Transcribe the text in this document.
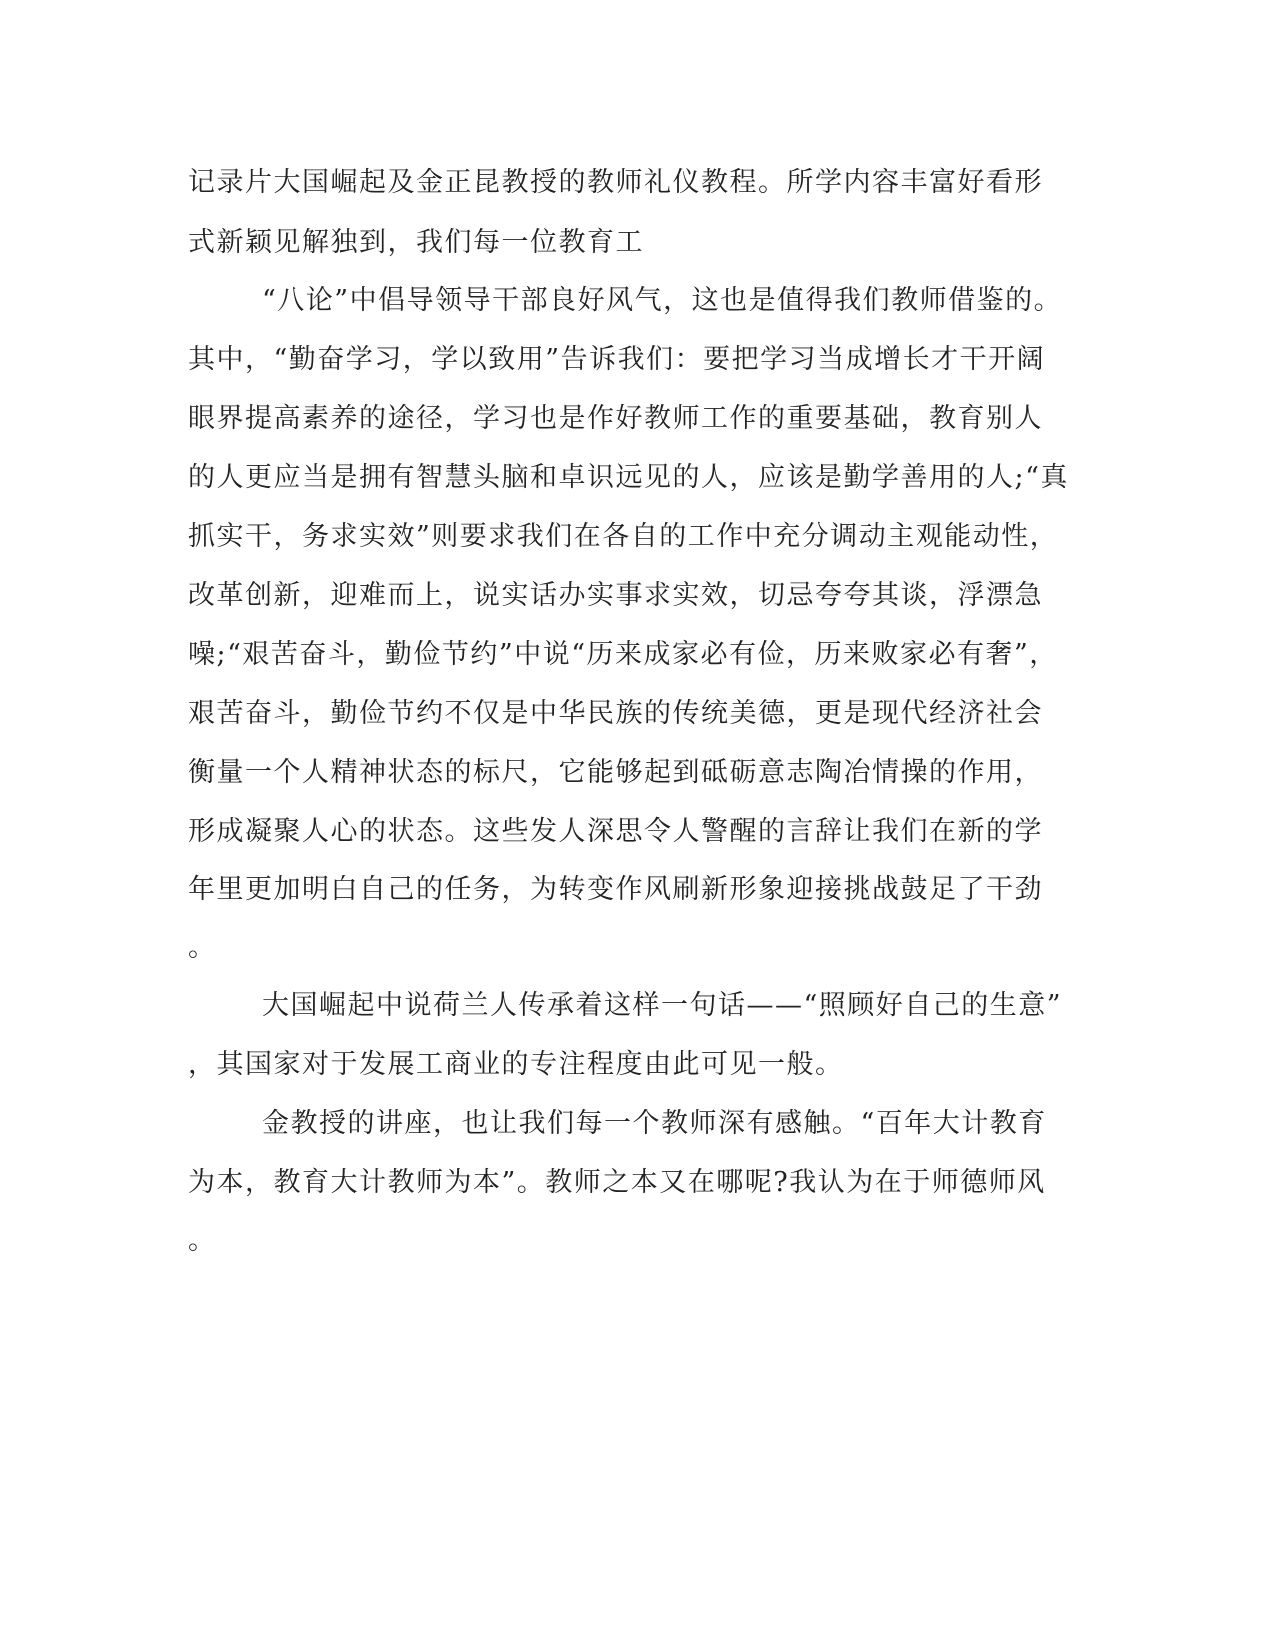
记录片大国崛起及金正昆教授的教师礼仪教程。所学内容丰富好看形
式新颖见解独到，我们每一位教育工
“八论”中倡导领导干部良好风气，这也是值得我们教师借鉴的。
其中，“勤奋学习，学以致用”告诉我们：要把学习当成增长才干开阔
眼界提高素养的途径，学习也是作好教师工作的重要基础，教育别人
的人更应当是拥有智慧头脑和卓识远见的人，应该是勤学善用的人;“真
抓实干，务求实效”则要求我们在各自的工作中充分调动主观能动性，
改革创新，迎难而上，说实话办实事求实效，切忌夸夸其谈，浮漂急
噪;“艰苦奋斗，勤俭节约”中说“历来成家必有俭，历来败家必有奢”，
艰苦奋斗，勤俭节约不仅是中华民族的传统美德，更是现代经济社会
衡量一个人精神状态的标尺，它能够起到砥砺意志陶冶情操的作用，
形成凝聚人心的状态。这些发人深思令人警醒的言辞让我们在新的学
年里更加明白自己的任务，为转变作风刷新形象迎接挑战鼓足了干劲
。
大国崛起中说荷兰人传承着这样一句话——“照顾好自己的生意”
，其国家对于发展工商业的专注程度由此可见一般。
金教授的讲座，也让我们每一个教师深有感触。“百年大计教育
为本，教育大计教师为本”。教师之本又在哪呢?我认为在于师德师风
。
